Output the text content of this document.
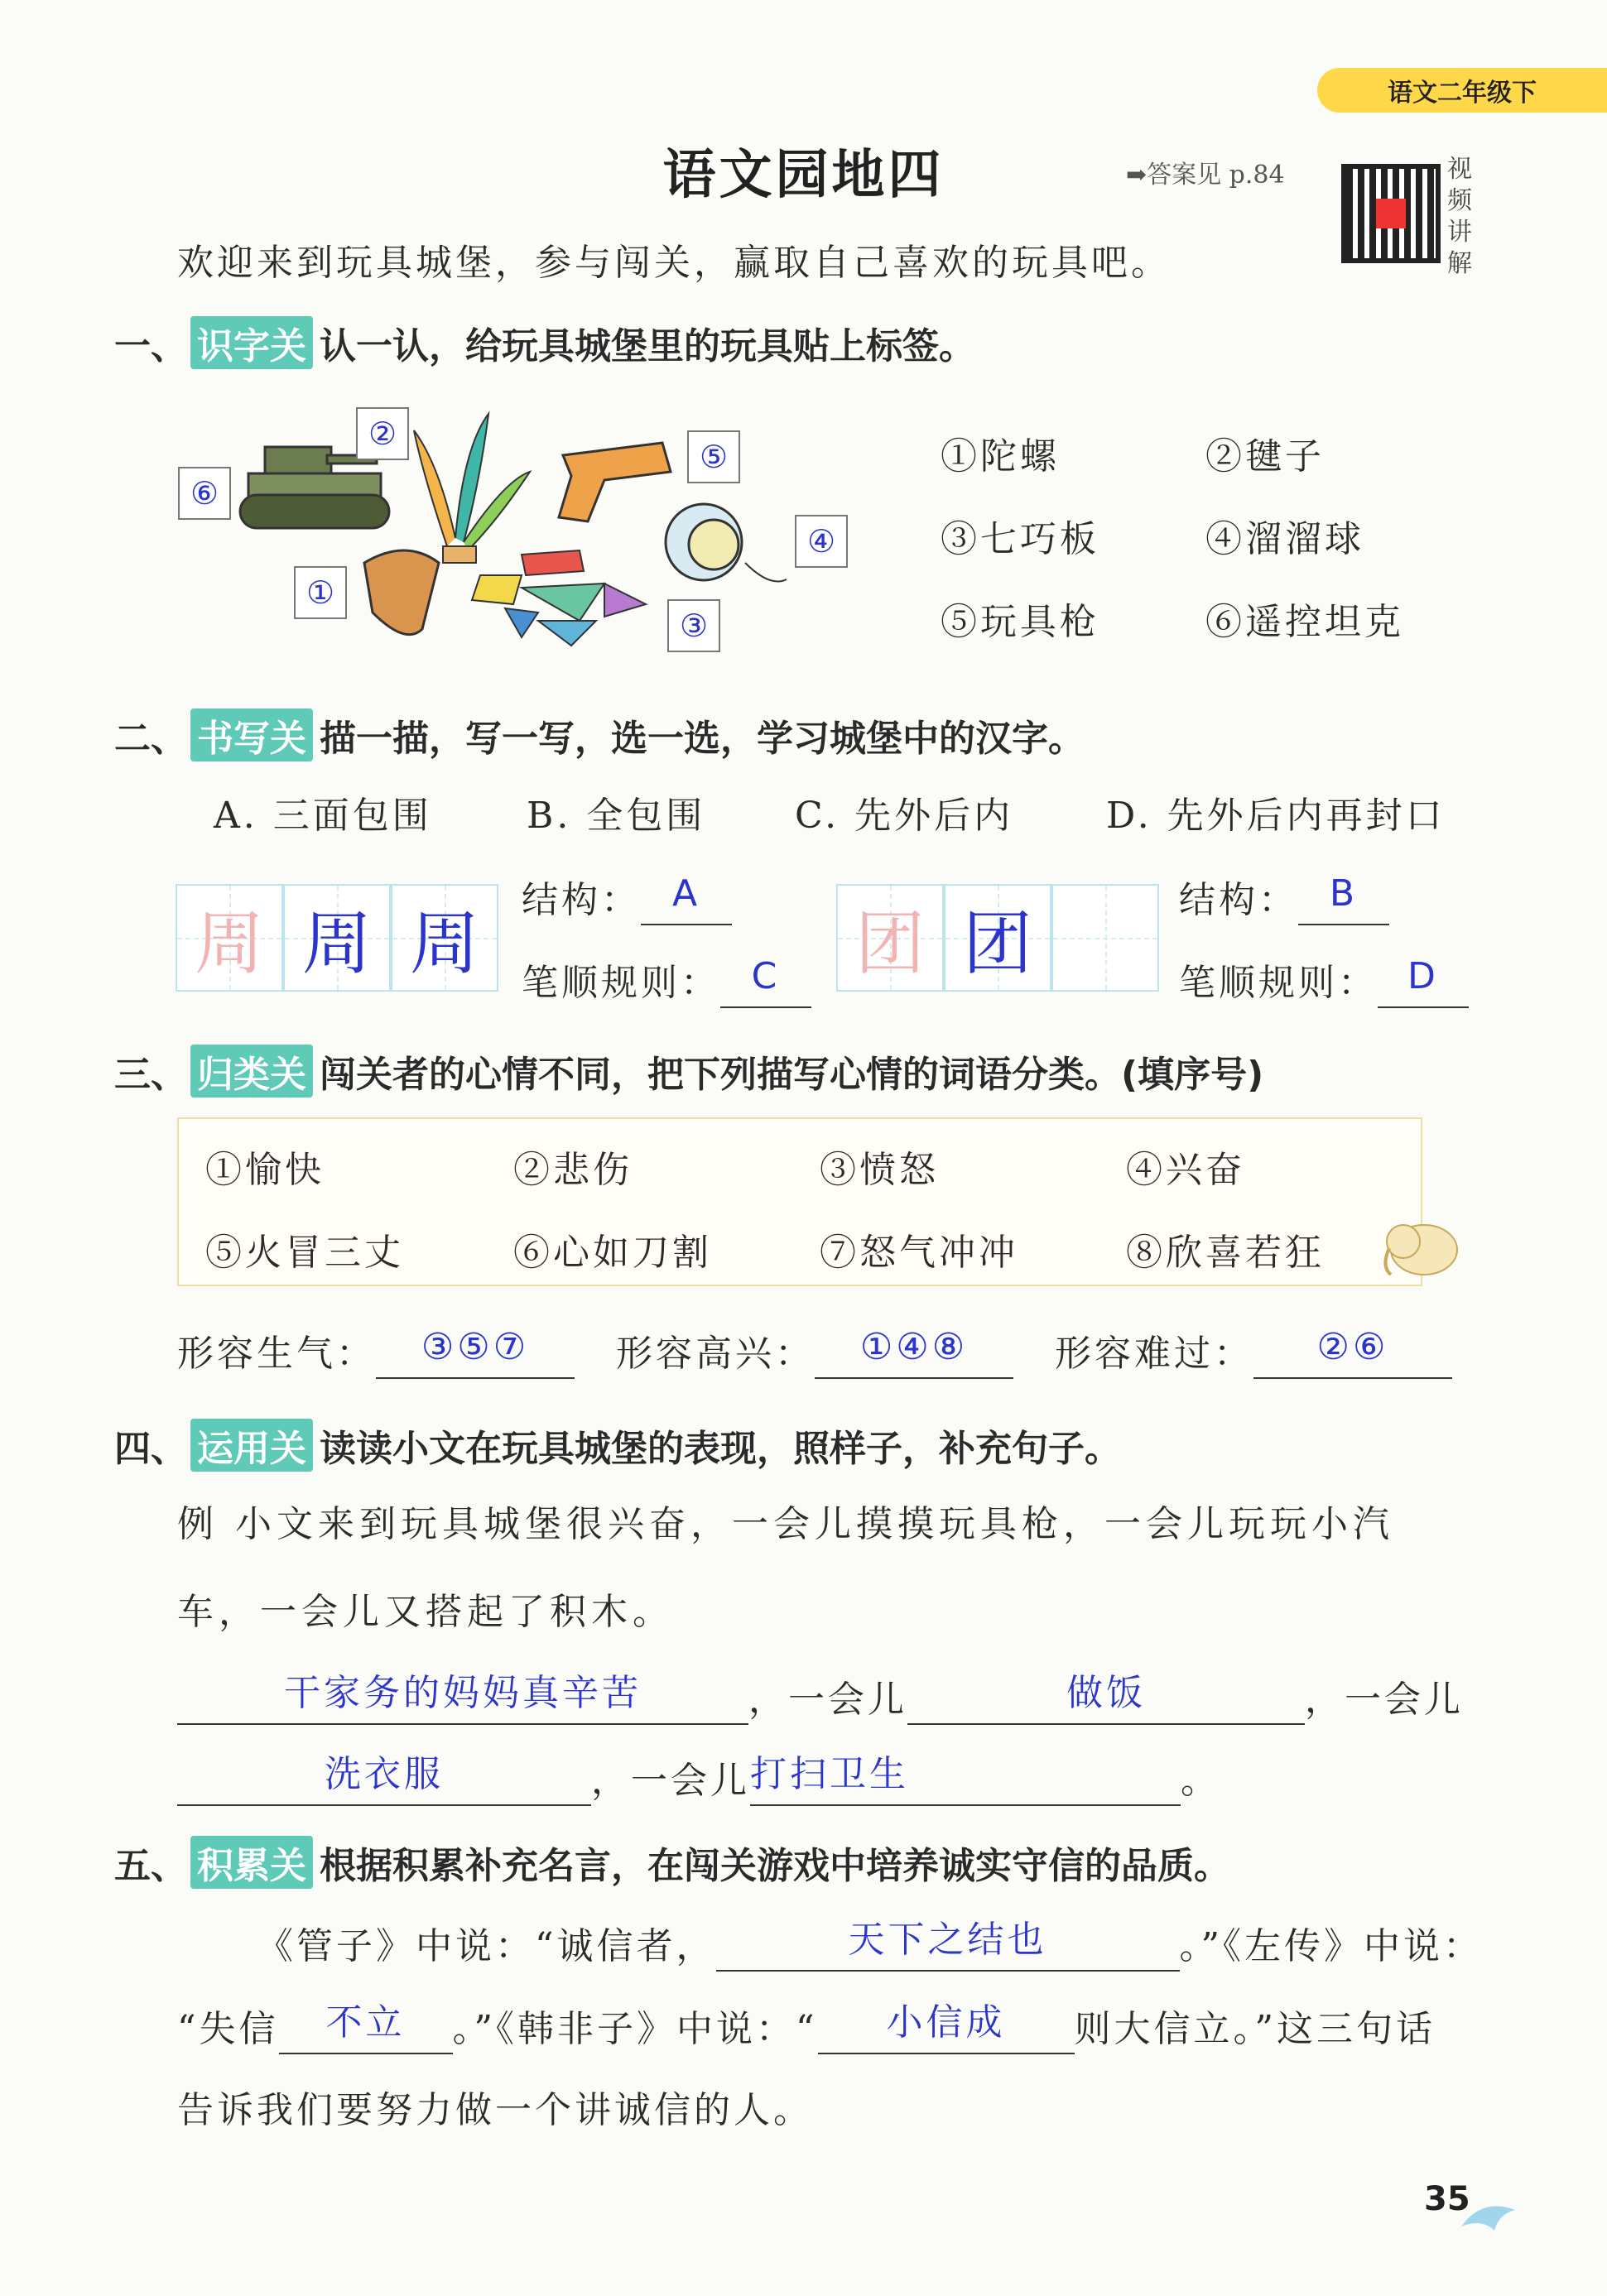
语文二年级下
语文园地四	➡答案见 p.84	视频讲解
欢迎来到玩具城堡，参与闯关，赢取自己喜欢的玩具吧。
一、 识字关 认一认，给玩具城堡里的玩具贴上标签。
⑥
②
⑤
④
①
③
①陀螺	②毽子
③七巧板	④溜溜球
⑤玩具枪	⑥遥控坦克
二、 书写关 描一描，写一写，选一选，学习城堡中的汉字。
A. 三面包围	B. 全包围 C. 先外后内	D. 先外后内再封口
周 周 周
结构： A
笔顺规则： C	团 团
结构： B
笔顺规则： D
三、 归类关 闯关者的心情不同，把下列描写心情的词语分类。(填序号)
①愉快	②悲伤	③愤怒	④兴奋
⑤火冒三丈	⑥心如刀割	⑦怒气冲冲	⑧欣喜若狂
形容生气： ③⑤⑦	形容高兴： ①④⑧	形容难过： ②⑥
四、 运用关 读读小文在玩具城堡的表现，照样子，补充句子。
例 小文来到玩具城堡很兴奋，一会儿摸摸玩具枪，一会儿玩玩小汽
车，一会儿又搭起了积木。
干家务的妈妈真辛苦	，一会儿	做饭	，一会儿
洗衣服	，一会儿打扫卫生	。
五、 积累关 根据积累补充名言，在闯关游戏中培养诚实守信的品质。
《管子》中说：“诚信者，	天下之结也	。”《左传》中说：
“失信 不立 。”《韩非子》中说：“ 小信成 则大信立。”这三句话
告诉我们要努力做一个讲诚信的人。
35
